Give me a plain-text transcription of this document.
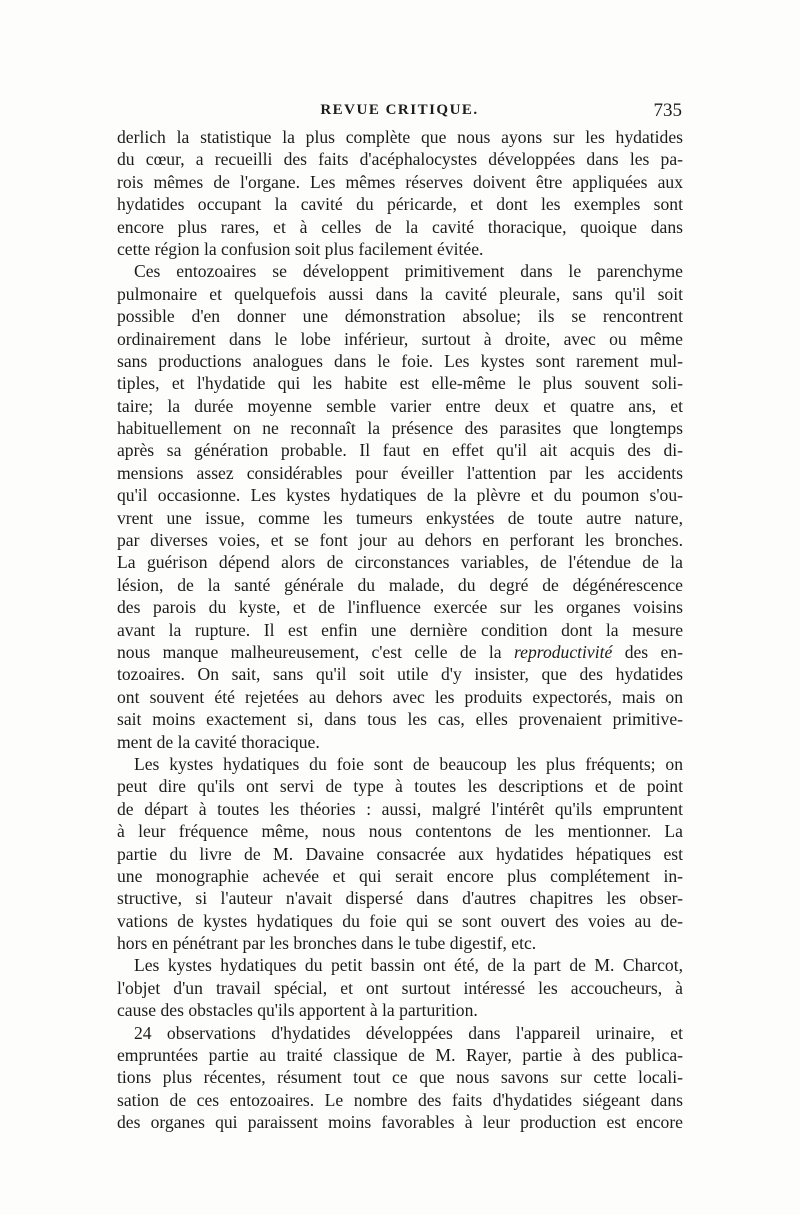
REVUE CRITIQUE.	735
derlich la statistique la plus complète que nous ayons sur les hydatides
du cœur, a recueilli des faits d'acéphalocystes développées dans les pa-
rois mêmes de l'organe. Les mêmes réserves doivent être appliquées aux
hydatides occupant la cavité du péricarde, et dont les exemples sont
encore plus rares, et à celles de la cavité thoracique, quoique dans
cette région la confusion soit plus facilement évitée.
Ces entozoaires se développent primitivement dans le parenchyme
pulmonaire et quelquefois aussi dans la cavité pleurale, sans qu'il soit
possible d'en donner une démonstration absolue; ils se rencontrent
ordinairement dans le lobe inférieur, surtout à droite, avec ou même
sans productions analogues dans le foie. Les kystes sont rarement mul-
tiples, et l'hydatide qui les habite est elle-même le plus souvent soli-
taire; la durée moyenne semble varier entre deux et quatre ans, et
habituellement on ne reconnaît la présence des parasites que longtemps
après sa génération probable. Il faut en effet qu'il ait acquis des di-
mensions assez considérables pour éveiller l'attention par les accidents
qu'il occasionne. Les kystes hydatiques de la plèvre et du poumon s'ou-
vrent une issue, comme les tumeurs enkystées de toute autre nature,
par diverses voies, et se font jour au dehors en perforant les bronches.
La guérison dépend alors de circonstances variables, de l'étendue de la
lésion, de la santé générale du malade, du degré de dégénérescence
des parois du kyste, et de l'influence exercée sur les organes voisins
avant la rupture. Il est enfin une dernière condition dont la mesure
nous manque malheureusement, c'est celle de la reproductivité des en-
tozoaires. On sait, sans qu'il soit utile d'y insister, que des hydatides
ont souvent été rejetées au dehors avec les produits expectorés, mais on
sait moins exactement si, dans tous les cas, elles provenaient primitive-
ment de la cavité thoracique.
Les kystes hydatiques du foie sont de beaucoup les plus fréquents; on
peut dire qu'ils ont servi de type à toutes les descriptions et de point
de départ à toutes les théories : aussi, malgré l'intérêt qu'ils empruntent
à leur fréquence même, nous nous contentons de les mentionner. La
partie du livre de M. Davaine consacrée aux hydatides hépatiques est
une monographie achevée et qui serait encore plus complétement in-
structive, si l'auteur n'avait dispersé dans d'autres chapitres les obser-
vations de kystes hydatiques du foie qui se sont ouvert des voies au de-
hors en pénétrant par les bronches dans le tube digestif, etc.
Les kystes hydatiques du petit bassin ont été, de la part de M. Charcot,
l'objet d'un travail spécial, et ont surtout intéressé les accoucheurs, à
cause des obstacles qu'ils apportent à la parturition.
24 observations d'hydatides développées dans l'appareil urinaire, et
empruntées partie au traité classique de M. Rayer, partie à des publica-
tions plus récentes, résument tout ce que nous savons sur cette locali-
sation de ces entozoaires. Le nombre des faits d'hydatides siégeant dans
des organes qui paraissent moins favorables à leur production est encore
